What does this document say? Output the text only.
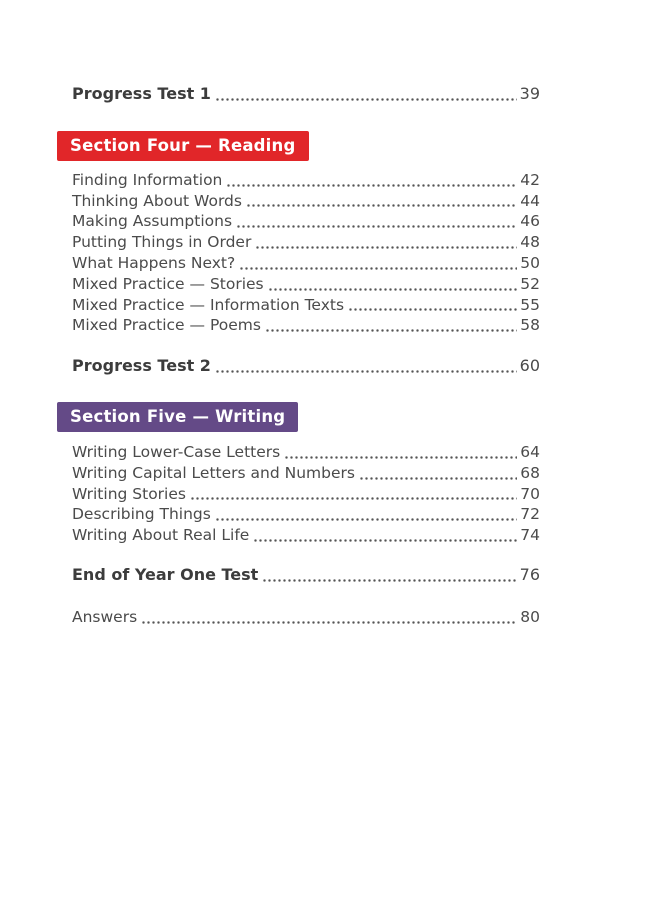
Progress Test 1	39
Section Four — Reading
Finding Information	42
Thinking About Words	44
Making Assumptions	46
Putting Things in Order	48
What Happens Next?	50
Mixed Practice — Stories	52
Mixed Practice — Information Texts	55
Mixed Practice — Poems	58
Progress Test 2	60
Section Five — Writing
Writing Lower-Case Letters	64
Writing Capital Letters and Numbers	68
Writing Stories	70
Describing Things	72
Writing About Real Life	74
End of Year One Test	76
Answers	80
